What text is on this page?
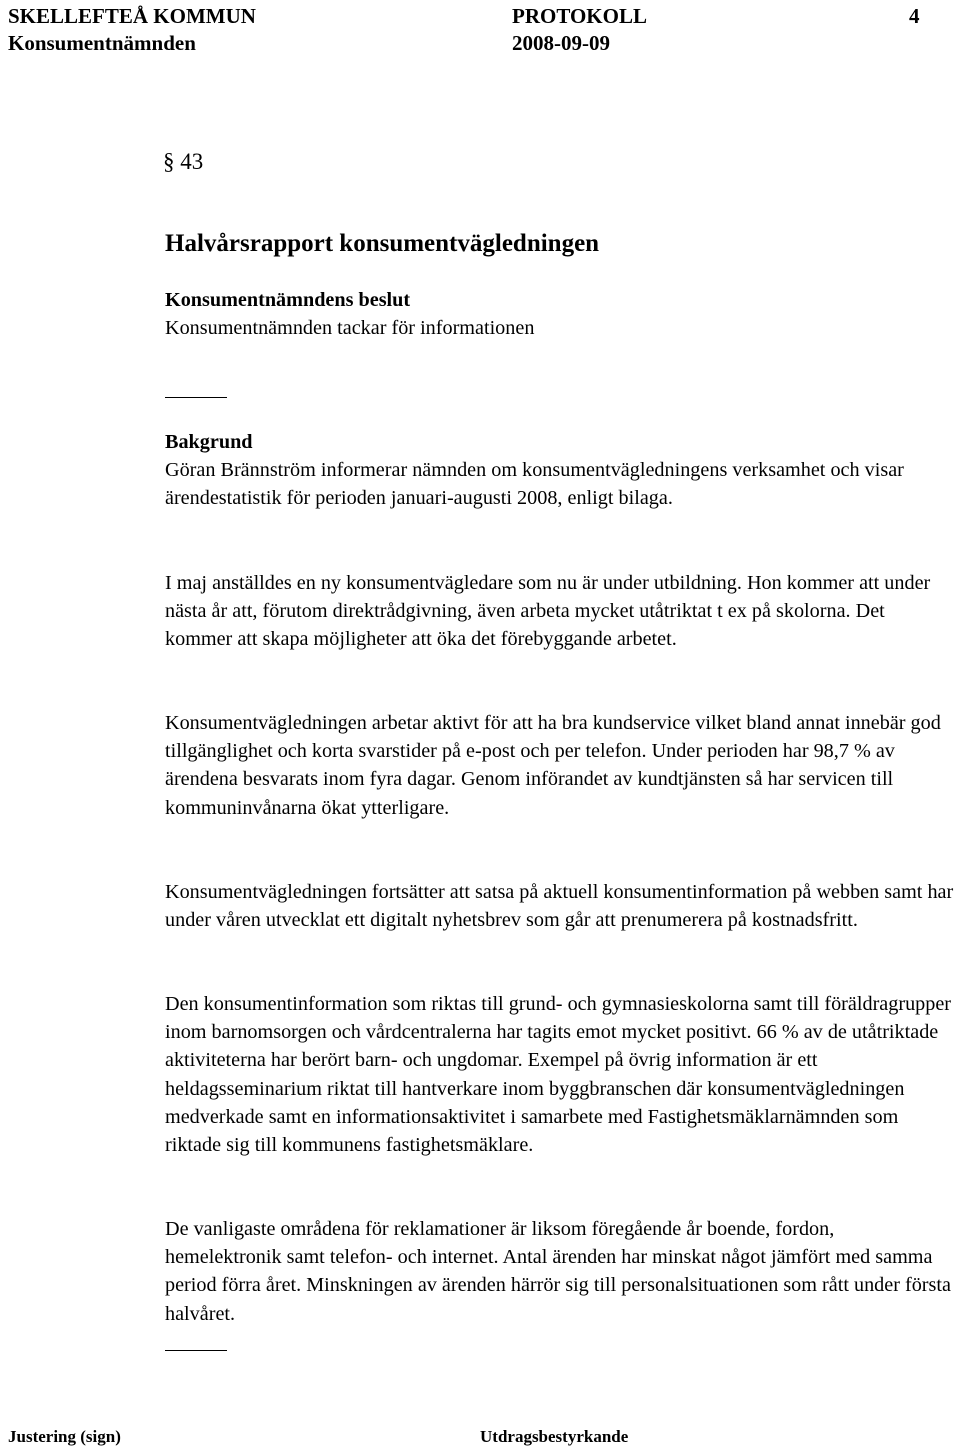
SKELLEFTEÅ KOMMUN	PROTOKOLL	4
Konsumentnämnden	2008-09-09
§ 43
Halvårsrapport konsumentvägledningen

Konsumentnämndens beslut

Konsumentnämnden tackar för informationen

Bakgrund

Göran Brännström informerar nämnden om konsumentvägledningens verksamhet och visar ärendestatistik för perioden januari-augusti 2008, enligt bilaga.

I maj anställdes en ny konsumentvägledare som nu är under utbildning. Hon kommer att under nästa år att, förutom direktrådgivning, även arbeta mycket utåtriktat t ex på skolorna. Det kommer att skapa möjligheter att öka det förebyggande arbetet.
Konsumentvägledningen arbetar aktivt för att ha bra kundservice vilket bland annat innebär god tillgänglighet och korta svarstider på e-post och per telefon. Under perioden har 98,7 % av ärendena besvarats inom fyra dagar. Genom införandet av kundtjänsten så har servicen till kommuninvånarna ökat ytterligare.
Konsumentvägledningen fortsätter att satsa på aktuell konsumentinformation på webben samt har under våren utvecklat ett digitalt nyhetsbrev som går att prenumerera på kostnadsfritt.
Den konsumentinformation som riktas till grund- och gymnasieskolorna samt till föräldragrupper inom barnomsorgen och vårdcentralerna har tagits emot mycket positivt. 66 % av de utåtriktade aktiviteterna har berört barn- och ungdomar. Exempel på övrig information är ett heldagsseminarium riktat till hantverkare inom byggbranschen där konsumentvägledningen medverkade samt en informationsaktivitet i samarbete med Fastighetsmäklarnämnden som riktade sig till kommunens fastighetsmäklare.
De vanligaste områdena för reklamationer är liksom föregående år boende, fordon, hemelektronik samt telefon- och internet. Antal ärenden har minskat något jämfört med samma period förra året. Minskningen av ärenden härrör sig till personalsituationen som rått under första halvåret.
Justering (sign)	Utdragsbestyrkande
